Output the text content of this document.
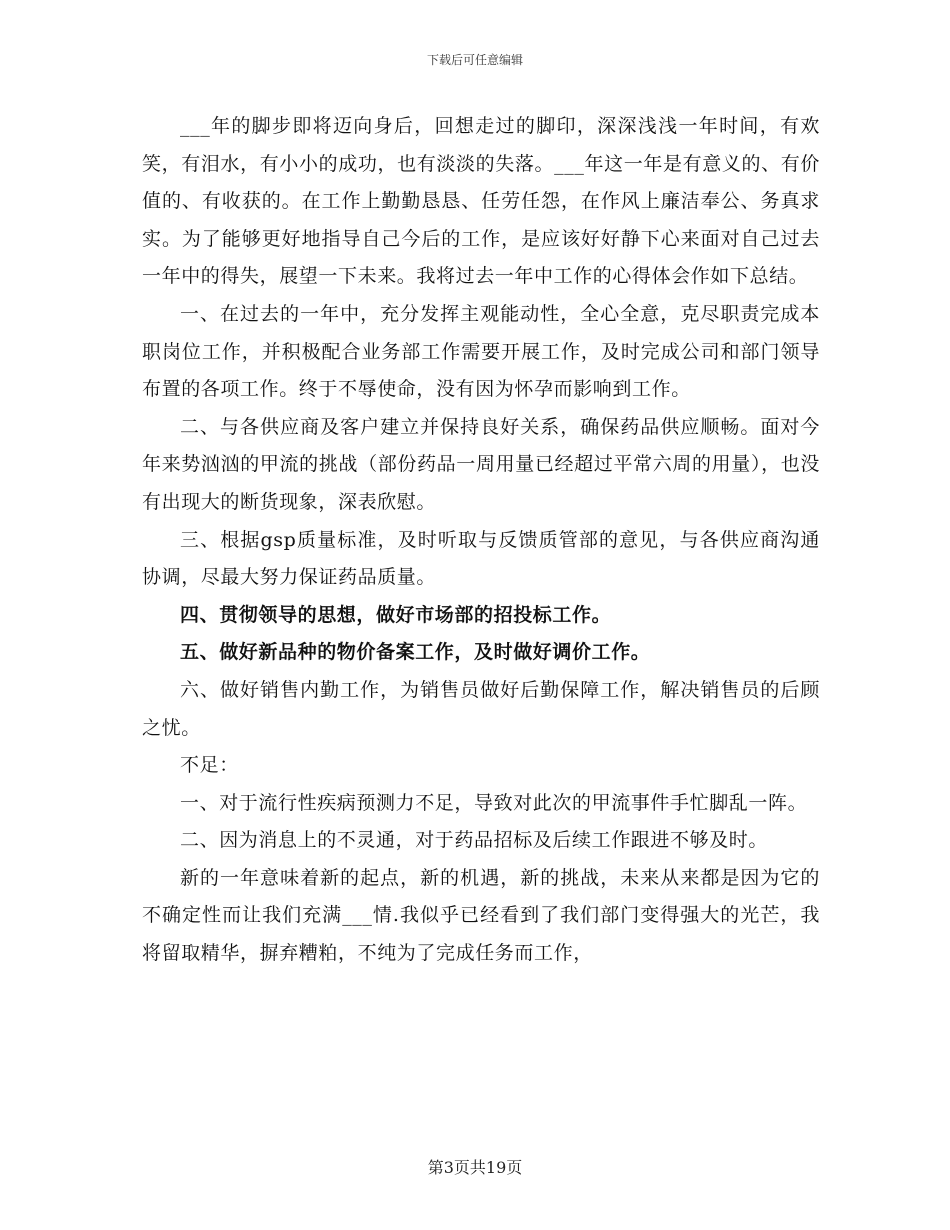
下载后可任意编辑

___年的脚步即将迈向身后，回想走过的脚印，深深浅浅一年时间，有欢笑，有泪水，有小小的成功，也有淡淡的失落。___年这一年是有意义的、有价值的、有收获的。在工作上勤勤恳恳、任劳任怨，在作风上廉洁奉公、务真求实。为了能够更好地指导自己今后的工作，是应该好好静下心来面对自己过去一年中的得失，展望一下未来。我将过去一年中工作的心得体会作如下总结。

一、在过去的一年中，充分发挥主观能动性，全心全意，克尽职责完成本职岗位工作，并积极配合业务部工作需要开展工作，及时完成公司和部门领导布置的各项工作。终于不辱使命，没有因为怀孕而影响到工作。

二、与各供应商及客户建立并保持良好关系，确保药品供应顺畅。面对今年来势汹汹的甲流的挑战（部份药品一周用量已经超过平常六周的用量），也没有出现大的断货现象，深表欣慰。

三、根据gsp质量标准，及时听取与反馈质管部的意见，与各供应商沟通协调，尽最大努力保证药品质量。

四、贯彻领导的思想，做好市场部的招投标工作。

五、做好新品种的物价备案工作，及时做好调价工作。

六、做好销售内勤工作，为销售员做好后勤保障工作，解决销售员的后顾之忧。

不足：

一、对于流行性疾病预测力不足，导致对此次的甲流事件手忙脚乱一阵。

二、因为消息上的不灵通，对于药品招标及后续工作跟进不够及时。

新的一年意味着新的起点，新的机遇，新的挑战，未来从来都是因为它的不确定性而让我们充满___情.我似乎已经看到了我们部门变得强大的光芒，我将留取精华，摒弃糟粕，不纯为了完成任务而工作，

第3页共19页
